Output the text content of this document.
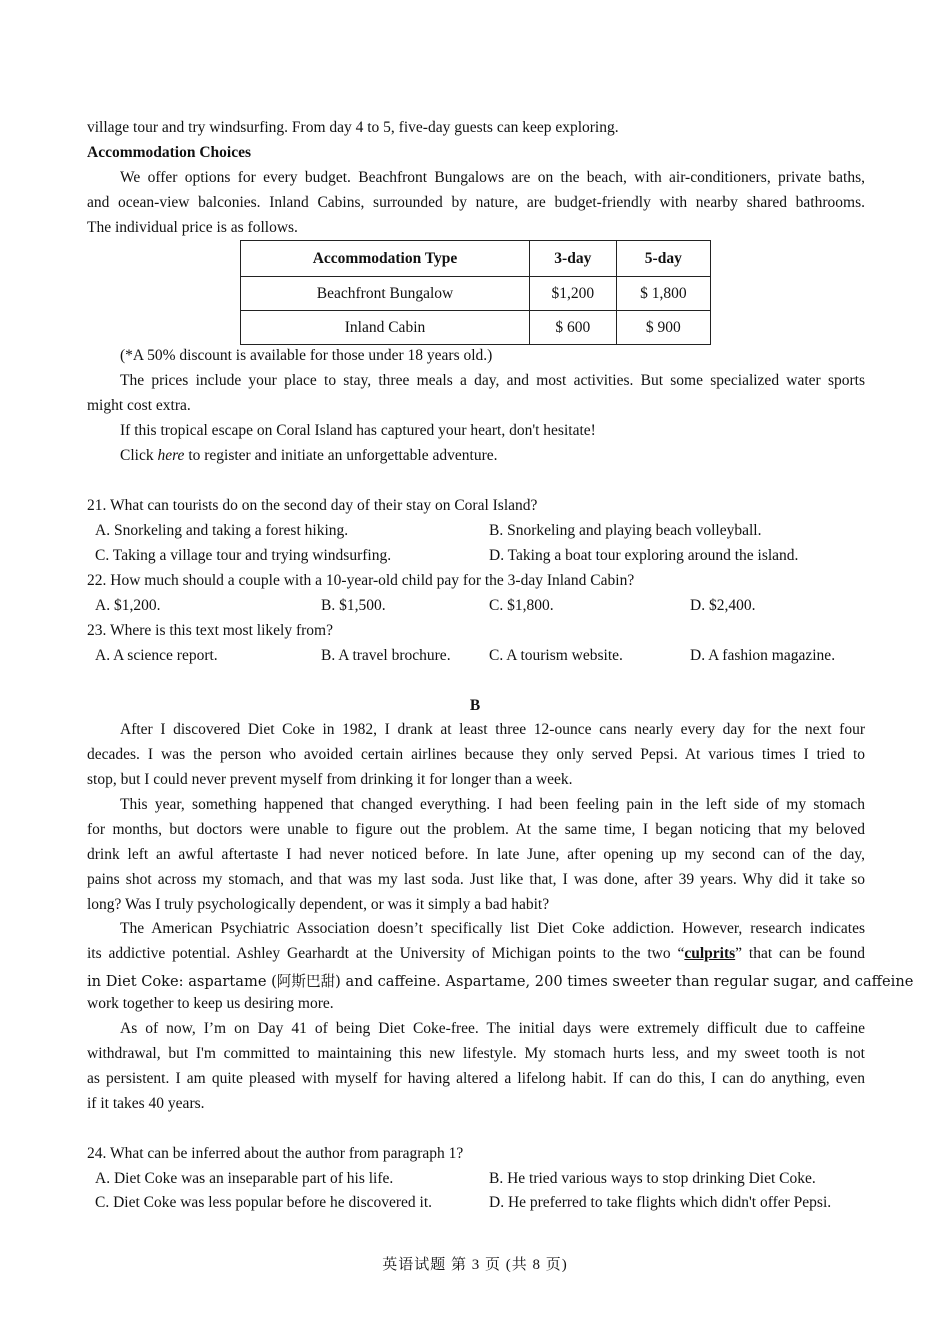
village tour and try windsurfing. From day 4 to 5, five-day guests can keep exploring.
Accommodation Choices
We offer options for every budget. Beachfront Bungalows are on the beach, with air-conditioners, private baths,
and ocean-view balconies. Inland Cabins, surrounded by nature, are budget-friendly with nearby shared bathrooms.
The individual price is as follows.
Accommodation Type	3-day	5-day
Beachfront Bungalow	$1,200	$ 1,800
Inland Cabin	$ 600	$ 900
(*A 50% discount is available for those under 18 years old.)
The prices include your place to stay, three meals a day, and most activities. But some specialized water sports
might cost extra.
If this tropical escape on Coral Island has captured your heart, don't hesitate!
Click here to register and initiate an unforgettable adventure.
21. What can tourists do on the second day of their stay on Coral Island?
A. Snorkeling and taking a forest hiking.	B. Snorkeling and playing beach volleyball.
C. Taking a village tour and trying windsurfing.	D. Taking a boat tour exploring around the island.
22. How much should a couple with a 10-year-old child pay for the 3-day Inland Cabin?
A. $1,200.	B. $1,500.	C. $1,800.	D. $2,400.
23. Where is this text most likely from?
A. A science report.	B. A travel brochure. C. A tourism website.	D. A fashion magazine.
B
After I discovered Diet Coke in 1982, I drank at least three 12-ounce cans nearly every day for the next four
decades. I was the person who avoided certain airlines because they only served Pepsi. At various times I tried to
stop, but I could never prevent myself from drinking it for longer than a week.
This year, something happened that changed everything. I had been feeling pain in the left side of my stomach
for months, but doctors were unable to figure out the problem. At the same time, I began noticing that my beloved
drink left an awful aftertaste I had never noticed before. In late June, after opening up my second can of the day,
pains shot across my stomach, and that was my last soda. Just like that, I was done, after 39 years. Why did it take so
long? Was I truly psychologically dependent, or was it simply a bad habit?
The American Psychiatric Association doesn’t specifically list Diet Coke addiction. However, research indicates
its addictive potential. Ashley Gearhardt at the University of Michigan points to the two “culprits” that can be found
in Diet Coke: aspartame (阿斯巴甜) and caffeine. Aspartame, 200 times sweeter than regular sugar, and caffeine
work together to keep us desiring more.
As of now, I’m on Day 41 of being Diet Coke-free. The initial days were extremely difficult due to caffeine
withdrawal, but I'm committed to maintaining this new lifestyle. My stomach hurts less, and my sweet tooth is not
as persistent. I am quite pleased with myself for having altered a lifelong habit. If can do this, I can do anything, even
if it takes 40 years.
24. What can be inferred about the author from paragraph 1?
A. Diet Coke was an inseparable part of his life.	B. He tried various ways to stop drinking Diet Coke.
C. Diet Coke was less popular before he discovered it.	D. He preferred to take flights which didn't offer Pepsi.
英语试题 第 3 页 (共 8 页)
